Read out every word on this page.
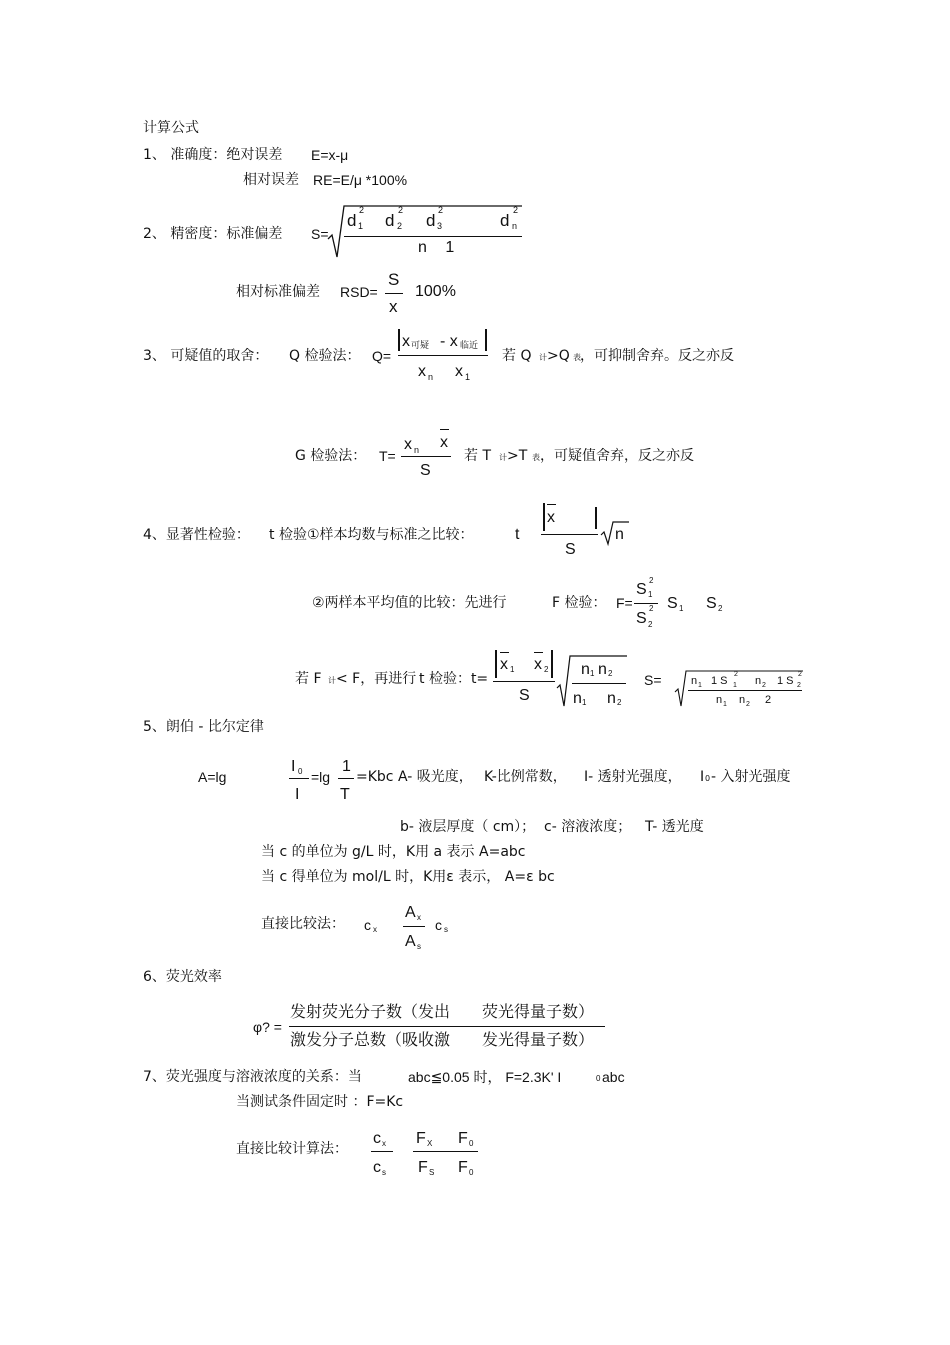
计算公式
1、 准确度：绝对误差 E=x-μ
相对误差 RE=E/μ *100%
2、 精密度：标准偏差 S=
d
2
1 d
2
2 d
2
3	d
2
n
n 1
相对标准偏差 RSD=
S
x
100%
3、 可疑值的取舍： Q 检验法： Q=
x 可疑 - x 临近
x n x 1
若 Q 计 >Q 表 ，可抑制舍弃。反之亦反
G 检验法： T=
x n x
S
若 T 计 >T 表 ，可疑值舍弃，反之亦反
4、显著性检验： t 检验①样本均数与标准之比较：	t
x
S
n
②两样本平均值的比较：先进行	F 检验： F=
S
2
1
S
2
2
S 1 S 2
若 F 计 < F，再进行 t 检验：t=
x 1 x 2
S
n 1 n 2
n 1 n 2
S=	n 1 1 S
2
1 n 2 1 S
2
2
n 1 n 2 2
5、朗伯 - 比尔定律
A=lg
I 0
I
=lg
1
T
=Kbc A- 吸光度， K-比例常数， I- 透射光强度， I 0 - 入射光强度
b- 液层厚度（ cm）； c- 溶液浓度； T- 透光度
当 c 的单位为 g/L 时，K用 a 表示 A=abc
当 c 得单位为 mol/L 时，K用ε 表示， A=ε bc
直接比较法： c x
A x
A s
c s
6、荧光效率
φ? =
发射荧光分子数（发出 荧光得量子数）
激发分子总数（吸收激 发光得量子数）
7、荧光强度与溶液浓度的关系：当	abc≦0.05 时， F=2.3K' I	0 abc
当测试条件固定时 ：F=Kc
直接比较计算法：
c x
c s
F X F 0
F S F 0
